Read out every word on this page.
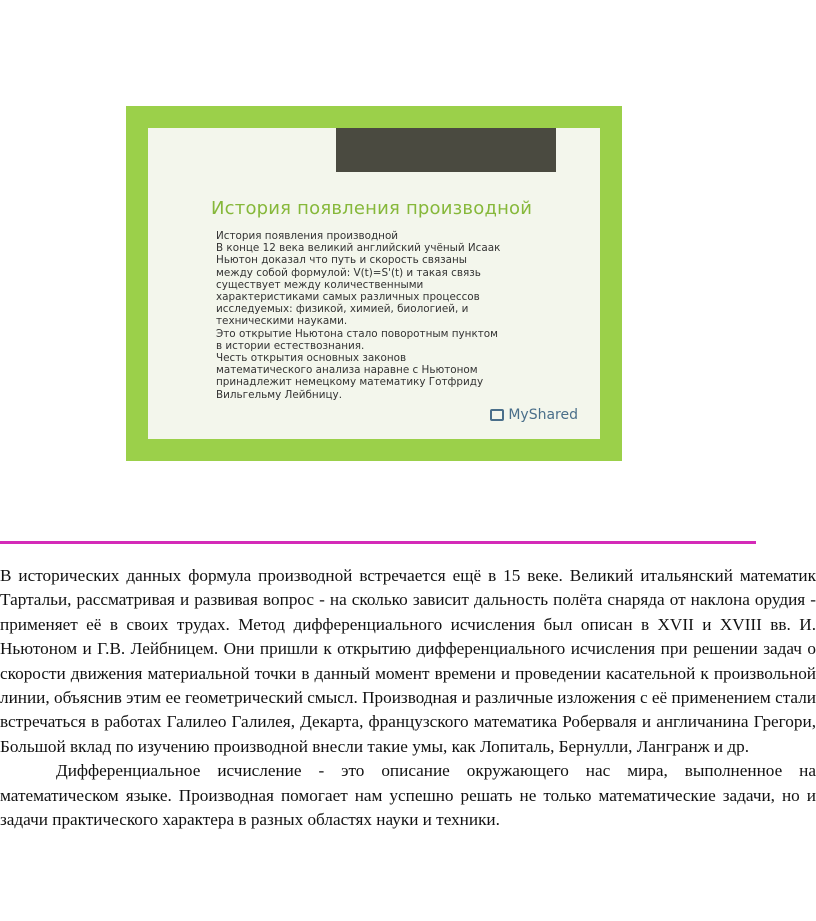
История появления производной
История появления производной
В конце 12 века великий английский учёный Исаак
Ньютон доказал что путь и скорость связаны
между собой формулой: V(t)=S'(t) и такая связь
существует между количественными
характеристиками самых различных процессов
исследуемых: физикой, химией, биологией, и
техническими науками.
Это открытие Ньютона стало поворотным пунктом
в истории естествознания.
Честь открытия основных законов
математического анализа наравне с Ньютоном
принадлежит немецкому математику Готфриду
Вильгельму Лейбницу.
MyShared

В исторических данных формула производной встречается ещё в 15 веке. Великий итальянский математик Тартальи, рассматривая и развивая вопрос - на сколько зависит дальность полёта снаряда от наклона орудия - применяет её в своих трудах. Метод дифференциального исчисления был описан в XVII и XVIII вв. И. Ньютоном и Г.В. Лейбницем. Они пришли к открытию дифференциального исчисления при решении задач о скорости движения материальной точки в данный момент времени и проведении касательной к произвольной линии, объяснив этим ее геометрический смысл. Производная и различные изложения с её применением стали встречаться в работах Галилео Галилея, Декарта, французского математика Роберваля и англичанина Грегори, Большой вклад по изучению производной внесли такие умы, как Лопиталь, Бернулли, Лангранж и др.

Дифференциальное исчисление - это описание окружающего нас мира, выполненное на математическом языке. Производная помогает нам успешно решать не только математические задачи, но и задачи практического характера в разных областях науки и техники.
